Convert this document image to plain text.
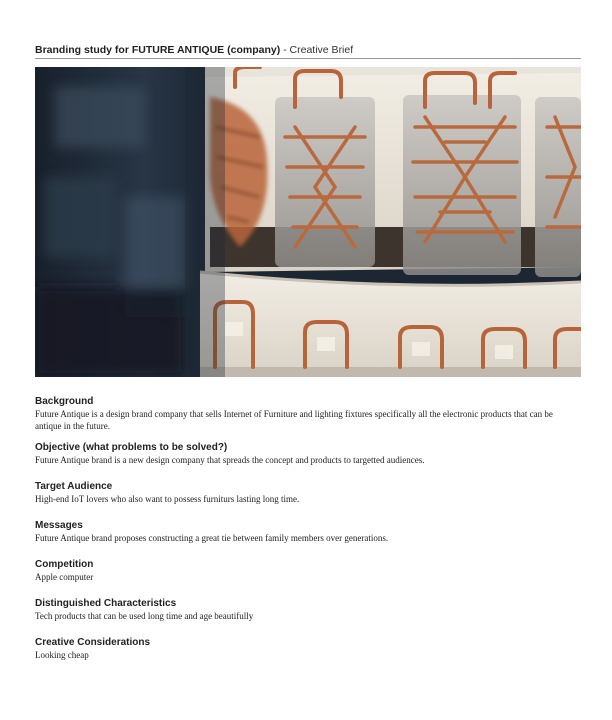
Branding study for FUTURE ANTIQUE (company) - Creative Brief
Background

Future Antique is a design brand company that sells Internet of Furniture and lighting fixtures specifically all the electronic products that can be antique in the future.

Objective (what problems to be solved?)

Future Antique brand is a new design company that spreads the concept and products to targetted audiences.

Target Audience

High-end IoT lovers who also want to possess furniturs lasting long time.

Messages

Future Antique brand proposes constructing a great tie between family members over generations.

Competition

Apple computer

Distinguished Characteristics

Tech products that can be used long time and age beautifully

Creative Considerations

Looking cheap
